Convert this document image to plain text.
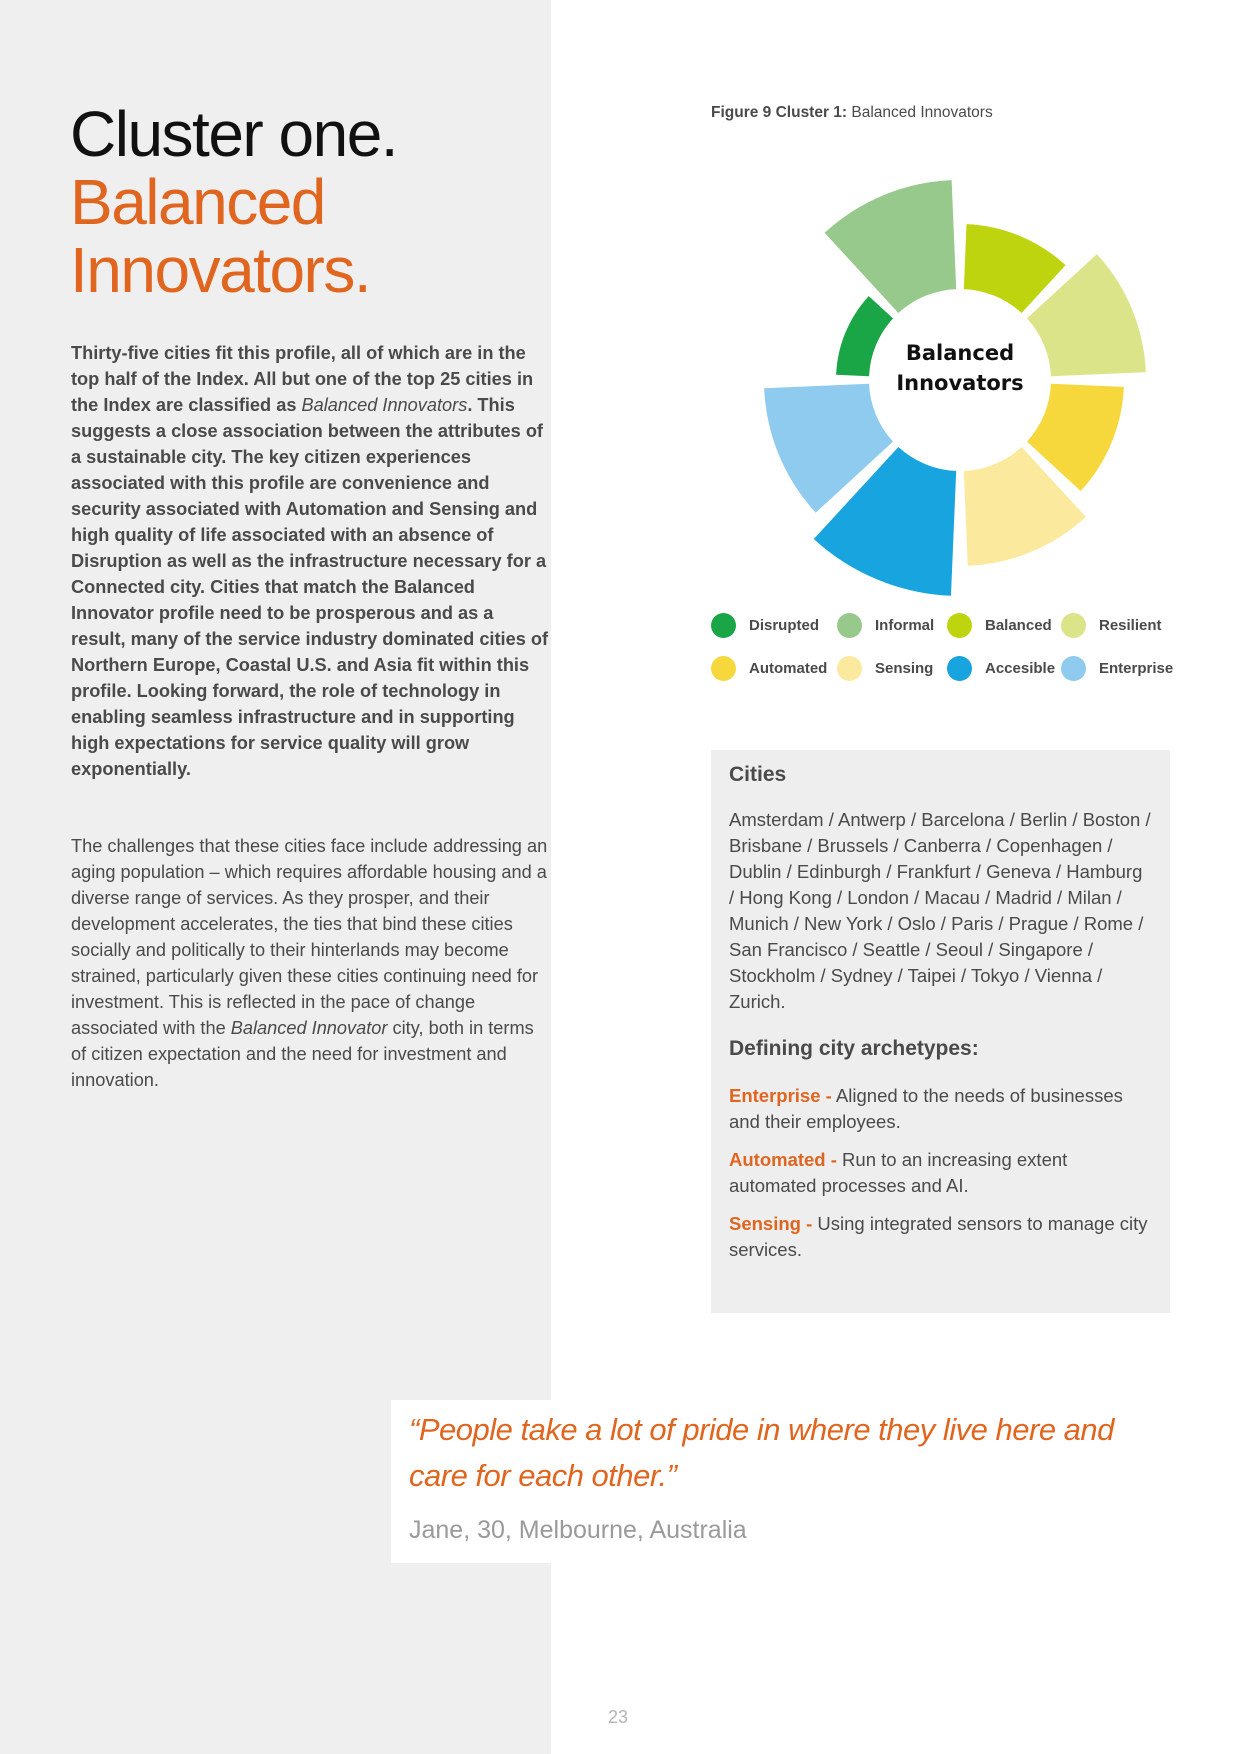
Cluster one.
Balanced
Innovators.

Thirty-five cities fit this profile, all of which are in the top half of the Index. All but one of the top 25 cities in the Index are classified as Balanced Innovators. This suggests a close association between the attributes of a sustainable city. The key citizen experiences associated with this profile are convenience and security associated with Automation and Sensing and high quality of life associated with an absence of Disruption as well as the infrastructure necessary for a Connected city. Cities that match the Balanced Innovator profile need to be prosperous and as a result, many of the service industry dominated cities of Northern Europe, Coastal U.S. and Asia fit within this profile. Looking forward, the role of technology in enabling seamless infrastructure and in supporting high expectations for service quality will grow exponentially.

The challenges that these cities face include addressing an aging population – which requires affordable housing and a diverse range of services. As they prosper, and their development accelerates, the ties that bind these cities socially and politically to their hinterlands may become strained, particularly given these cities continuing need for investment. This is reflected in the pace of change associated with the Balanced Innovator city, both in terms of citizen expectation and the need for investment and innovation.

Figure 9 Cluster 1: Balanced Innovators
Balanced
Innovators
Disrupted	Informal	Balanced	Resilient
Automated	Sensing	Accesible	Enterprise
Cities
Amsterdam / Antwerp / Barcelona / Berlin / Boston / Brisbane / Brussels / Canberra / Copenhagen / Dublin / Edinburgh / Frankfurt / Geneva / Hamburg / Hong Kong / London / Macau / Madrid / Milan / Munich / New York / Oslo / Paris / Prague / Rome / San Francisco / Seattle / Seoul / Singapore / Stockholm / Sydney / Taipei / Tokyo / Vienna / Zurich.
Defining city archetypes:
Enterprise - Aligned to the needs of businesses and their employees.
Automated - Run to an increasing extent automated processes and AI.
Sensing - Using integrated sensors to manage city services.
“People take a lot of pride in where they live here and care for each other.”
Jane, 30, Melbourne, Australia
23
